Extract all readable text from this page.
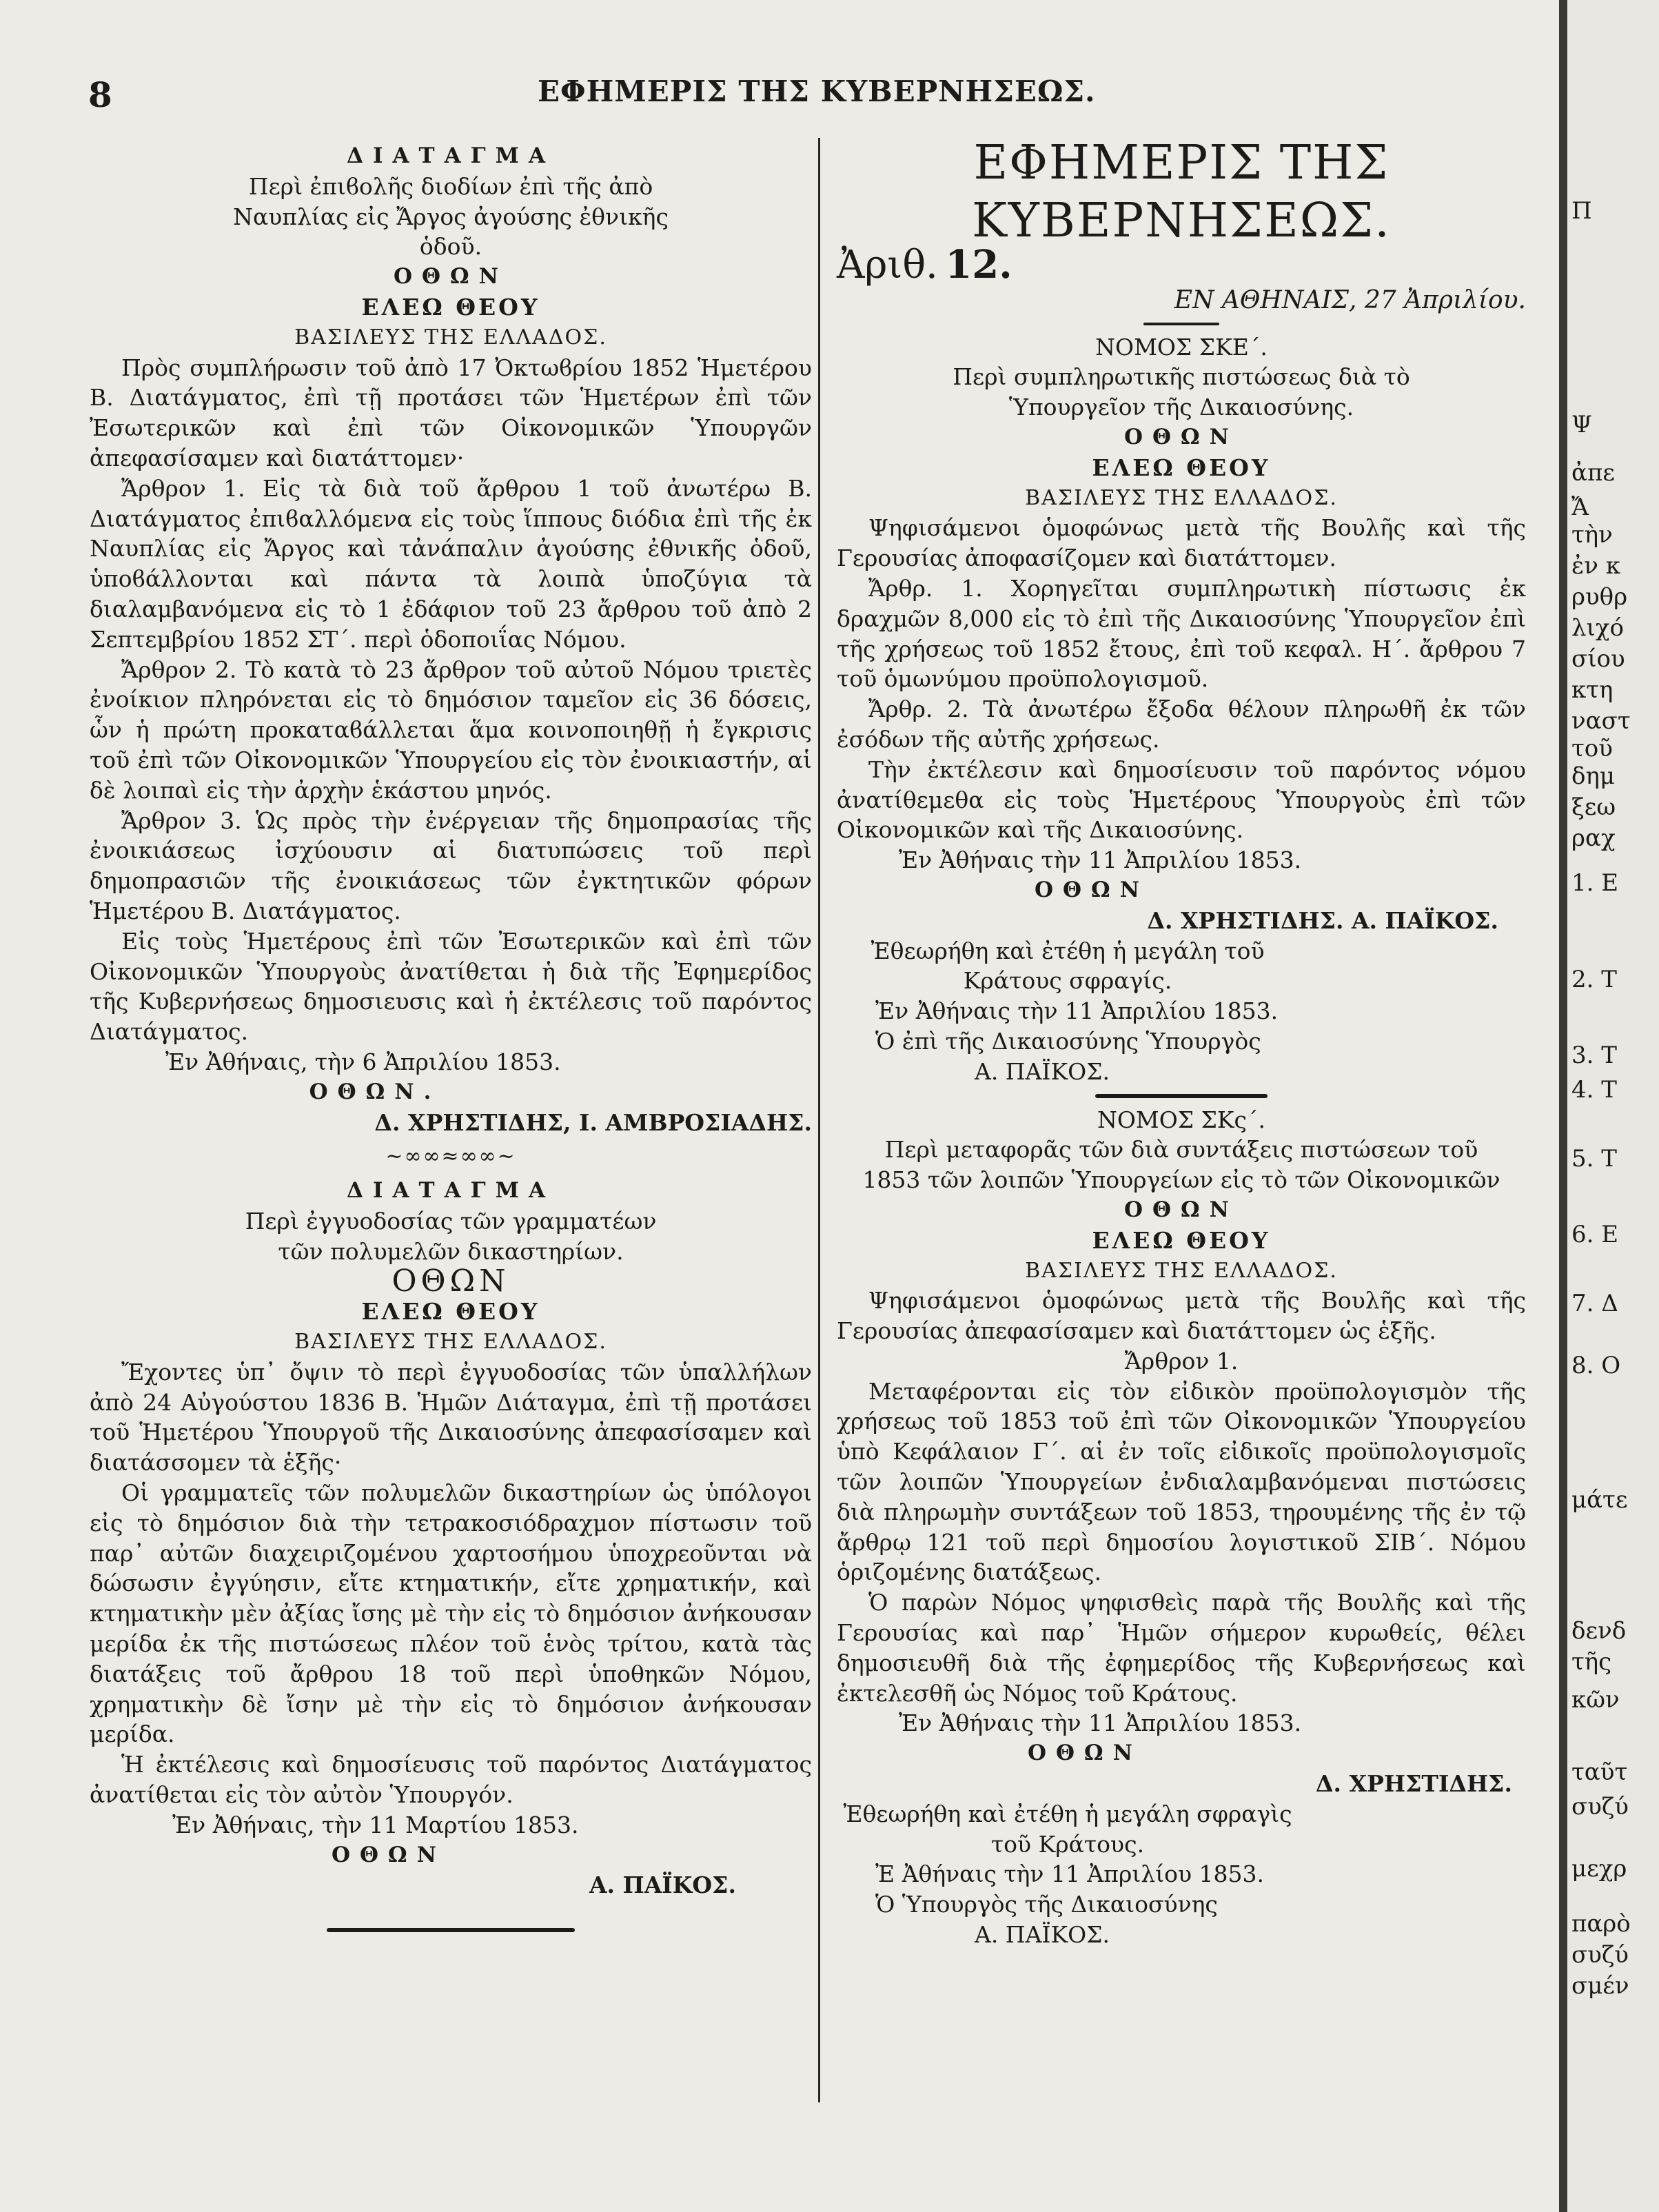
8	ΕΦΗΜΕΡΙΣ ΤΗΣ ΚΥΒΕΡΝΗΣΕΩΣ.

ΔΙΑΤΑΓΜΑ

Περὶ ἐπιϐολῆς διοδίων ἐπὶ τῆς ἀπὸ Ναυπλίας εἰς Ἄργος ἀγούσης ἐθνικῆς ὁδοῦ.

ΟΘΩΝ

ΕΛΕΩ ΘΕΟΥ

ΒΑΣΙΛΕΥΣ ΤΗΣ ΕΛΛΑΔΟΣ.

Πρὸς συμπλήρωσιν τοῦ ἀπὸ 17 Ὀκτωϐρίου 1852 Ἡμετέρου Β. Διατάγματος, ἐπὶ τῇ προτάσει τῶν Ἡμετέρων ἐπὶ τῶν Ἐσωτερικῶν καὶ ἐπὶ τῶν Οἰκονομικῶν Ὑπουργῶν ἀπεφασίσαμεν καὶ διατάττομεν·

Ἄρθρον 1. Εἰς τὰ διὰ τοῦ ἄρθρου 1 τοῦ ἀνωτέρω Β. Διατάγματος ἐπιϐαλλόμενα εἰς τοὺς ἵππους διόδια ἐπὶ τῆς ἐκ Ναυπλίας εἰς Ἄργος καὶ τἀνάπαλιν ἀγούσης ἐθνικῆς ὁδοῦ, ὑποϐάλλονται καὶ πάντα τὰ λοιπὰ ὑποζύγια τὰ διαλαμβανόμενα εἰς τὸ 1 ἐδάφιον τοῦ 23 ἄρθρου τοῦ ἀπὸ 2 Σεπτεμβρίου 1852 ΣΤ΄. περὶ ὁδοποιΐας Νόμου.

Ἄρθρον 2. Τὸ κατὰ τὸ 23 ἄρθρον τοῦ αὐτοῦ Νόμου τριετὲς ἐνοίκιον πληρόνεται εἰς τὸ δημόσιον ταμεῖον εἰς 36 δόσεις, ὧν ἡ πρώτη προκαταϐάλλεται ἅμα κοινοποιηθῇ ἡ ἔγκρισις τοῦ ἐπὶ τῶν Οἰκονομικῶν Ὑπουργείου εἰς τὸν ἐνοικιαστήν, αἱ δὲ λοιπαὶ εἰς τὴν ἀρχὴν ἑκάστου μηνός.

Ἄρθρον 3. Ὡς πρὸς τὴν ἐνέργειαν τῆς δημοπρασίας τῆς ἐνοικιάσεως ἰσχύουσιν αἱ διατυπώσεις τοῦ περὶ δημοπρασιῶν τῆς ἐνοικιάσεως τῶν ἐγκτητικῶν φόρων Ἡμετέρου Β. Διατάγματος.

Εἰς τοὺς Ἡμετέρους ἐπὶ τῶν Ἐσωτερικῶν καὶ ἐπὶ τῶν Οἰκονομικῶν Ὑπουργοὺς ἀνατίθεται ἡ διὰ τῆς Ἐφημερίδος τῆς Κυβερνήσεως δημοσιευσις καὶ ἡ ἐκτέλεσις τοῦ παρόντος Διατάγματος.

Ἐν Ἀθήναις, τὴν 6 Ἀπριλίου 1853.

ΟΘΩΝ.

Δ. ΧΡΗΣΤΙΔΗΣ, Ι. ΑΜΒΡΟΣΙΑΔΗΣ.

∼∞∞≈∞∞∼

ΔΙΑΤΑΓΜΑ

Περὶ ἐγγυοδοσίας τῶν γραμματέων τῶν πολυμελῶν δικαστηρίων.

ΟΘΩΝ

ΕΛΕΩ ΘΕΟΥ

ΒΑΣΙΛΕΥΣ ΤΗΣ ΕΛΛΑΔΟΣ.

Ἔχοντες ὑπ᾽ ὄψιν τὸ περὶ ἐγγυοδοσίας τῶν ὑπαλλήλων ἀπὸ 24 Αὐγούστου 1836 Β. Ἡμῶν Διάταγμα, ἐπὶ τῇ προτάσει τοῦ Ἡμετέρου Ὑπουργοῦ τῆς Δικαιοσύνης ἀπεφασίσαμεν καὶ διατάσσομεν τὰ ἑξῆς·

Οἱ γραμματεῖς τῶν πολυμελῶν δικαστηρίων ὡς ὑπόλογοι εἰς τὸ δημόσιον διὰ τὴν τετρακοσιόδραχμον πίστωσιν τοῦ παρ᾽ αὐτῶν διαχειριζομένου χαρτοσήμου ὑποχρεοῦνται νὰ δώσωσιν ἐγγύησιν, εἴτε κτηματικήν, εἴτε χρηματικήν, καὶ κτηματικὴν μὲν ἀξίας ἴσης μὲ τὴν εἰς τὸ δημόσιον ἀνήκουσαν μερίδα ἐκ τῆς πιστώσεως πλέον τοῦ ἑνὸς τρίτου, κατὰ τὰς διατάξεις τοῦ ἄρθρου 18 τοῦ περὶ ὑποθηκῶν Νόμου, χρηματικὴν δὲ ἴσην μὲ τὴν εἰς τὸ δημόσιον ἀνήκουσαν μερίδα.

Ἡ ἐκτέλεσις καὶ δημοσίευσις τοῦ παρόντος Διατάγματος ἀνατίθεται εἰς τὸν αὐτὸν Ὑπουργόν.

Ἐν Ἀθήναις, τὴν 11 Μαρτίου 1853.

ΟΘΩΝ

Α. ΠΑΪΚΟΣ.

ΕΦΗΜΕΡΙΣ ΤΗΣ ΚΥΒΕΡΝΗΣΕΩΣ.

Ἀριθ. 12.

ΕΝ ΑΘΗΝΑΙΣ, 27 Ἀπριλίου.

ΝΟΜΟΣ ΣΚΕ΄.

Περὶ συμπληρωτικῆς πιστώσεως διὰ τὸ Ὑπουργεῖον τῆς Δικαιοσύνης.

ΟΘΩΝ

ΕΛΕΩ ΘΕΟΥ

ΒΑΣΙΛΕΥΣ ΤΗΣ ΕΛΛΑΔΟΣ.

Ψηφισάμενοι ὁμοφώνως μετὰ τῆς Βουλῆς καὶ τῆς Γερουσίας ἀποφασίζομεν καὶ διατάττομεν.

Ἄρθρ. 1. Χορηγεῖται συμπληρωτικὴ πίστωσις ἐκ δραχμῶν 8,000 εἰς τὸ ἐπὶ τῆς Δικαιοσύνης Ὑπουργεῖον ἐπὶ τῆς χρήσεως τοῦ 1852 ἔτους, ἐπὶ τοῦ κεφαλ. Η΄. ἄρθρου 7 τοῦ ὁμωνύμου προϋπολογισμοῦ.

Ἄρθρ. 2. Τὰ ἀνωτέρω ἔξοδα θέλουν πληρωθῆ ἐκ τῶν ἐσόδων τῆς αὐτῆς χρήσεως.

Τὴν ἐκτέλεσιν καὶ δημοσίευσιν τοῦ παρόντος νόμου ἀνατίθεμεθα εἰς τοὺς Ἡμετέρους Ὑπουργοὺς ἐπὶ τῶν Οἰκονομικῶν καὶ τῆς Δικαιοσύνης.

Ἐν Ἀθήναις τὴν 11 Ἀπριλίου 1853.

ΟΘΩΝ

Δ. ΧΡΗΣΤΙΔΗΣ. Α. ΠΑΪΚΟΣ.

Ἐθεωρήθη καὶ ἐτέθη ἡ μεγάλη τοῦ Κράτους σφραγίς.

Ἐν Ἀθήναις τὴν 11 Ἀπριλίου 1853.

Ὁ ἐπὶ τῆς Δικαιοσύνης Ὑπουργὸς

Α. ΠΑΪΚΟΣ.

ΝΟΜΟΣ ΣΚς΄.

Περὶ μεταφορᾶς τῶν διὰ συντάξεις πιστώσεων τοῦ 1853 τῶν λοιπῶν Ὑπουργείων εἰς τὸ τῶν Οἰκονομικῶν

ΟΘΩΝ

ΕΛΕΩ ΘΕΟΥ

ΒΑΣΙΛΕΥΣ ΤΗΣ ΕΛΛΑΔΟΣ.

Ψηφισάμενοι ὁμοφώνως μετὰ τῆς Βουλῆς καὶ τῆς Γερουσίας ἀπεφασίσαμεν καὶ διατάττομεν ὡς ἑξῆς.

Ἄρθρον 1.

Μεταφέρονται εἰς τὸν εἰδικὸν προϋπολογισμὸν τῆς χρήσεως τοῦ 1853 τοῦ ἐπὶ τῶν Οἰκονομικῶν Ὑπουργείου ὑπὸ Κεφάλαιον Γ΄. αἱ ἐν τοῖς εἰδικοῖς προϋπολογισμοῖς τῶν λοιπῶν Ὑπουργείων ἐνδιαλαμβανόμεναι πιστώσεις διὰ πληρωμὴν συντάξεων τοῦ 1853, τηρουμένης τῆς ἐν τῷ ἄρθρῳ 121 τοῦ περὶ δημοσίου λογιστικοῦ ΣΙΒ΄. Νόμου ὁριζομένης διατάξεως.

Ὁ παρὼν Νόμος ψηφισθεὶς παρὰ τῆς Βουλῆς καὶ τῆς Γερουσίας καὶ παρ᾽ Ἡμῶν σήμερον κυρωθείς, θέλει δημοσιευθῆ διὰ τῆς ἐφημερίδος τῆς Κυβερνήσεως καὶ ἐκτελεσθῆ ὡς Νόμος τοῦ Κράτους.

Ἐν Ἀθήναις τὴν 11 Ἀπριλίου 1853.

ΟΘΩΝ

Δ. ΧΡΗΣΤΙΔΗΣ.

Ἐθεωρήθη καὶ ἐτέθη ἡ μεγάλη σφραγὶς τοῦ Κράτους.

Ἐ Ἀθήναις τὴν 11 Ἀπριλίου 1853.

Ὁ Ὑπουργὸς τῆς Δικαιοσύνης

Α. ΠΑΪΚΟΣ.

Π
Ψ
ἀπε
Ἄ
τὴν
ἐν κ
ρυθρ
λιχό
σίου
κτη
ναστ
τοῦ
δημ
ξεω
ραχ
1. Ε
2. Τ
3. Τ
4. Τ
5. Τ
6. Ε
7. Δ
8. Ο
μάτε
δενδ
τῆς
κῶν
ταῦτ
συζύ
μεχρ
παρὸ
συζύ
σμέν
